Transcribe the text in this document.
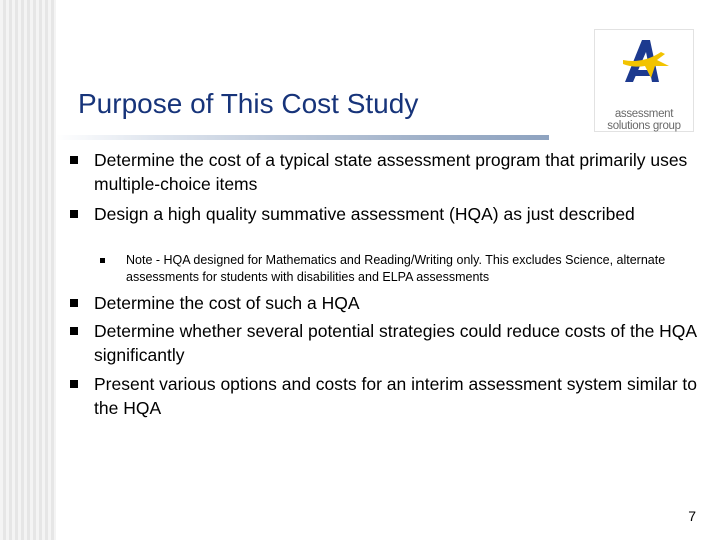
Purpose of This Cost Study	assessment
solutions group
Determine the cost of a typical state assessment program that primarily uses multiple-choice items
Design a high quality summative assessment (HQA) as just described
Note - HQA designed for Mathematics and Reading/Writing only. This excludes Science, alternate assessments for students with disabilities and ELPA assessments
Determine the cost of such a HQA
Determine whether several potential strategies could reduce costs of the HQA significantly
Present various options and costs for an interim assessment system similar to the HQA
7
